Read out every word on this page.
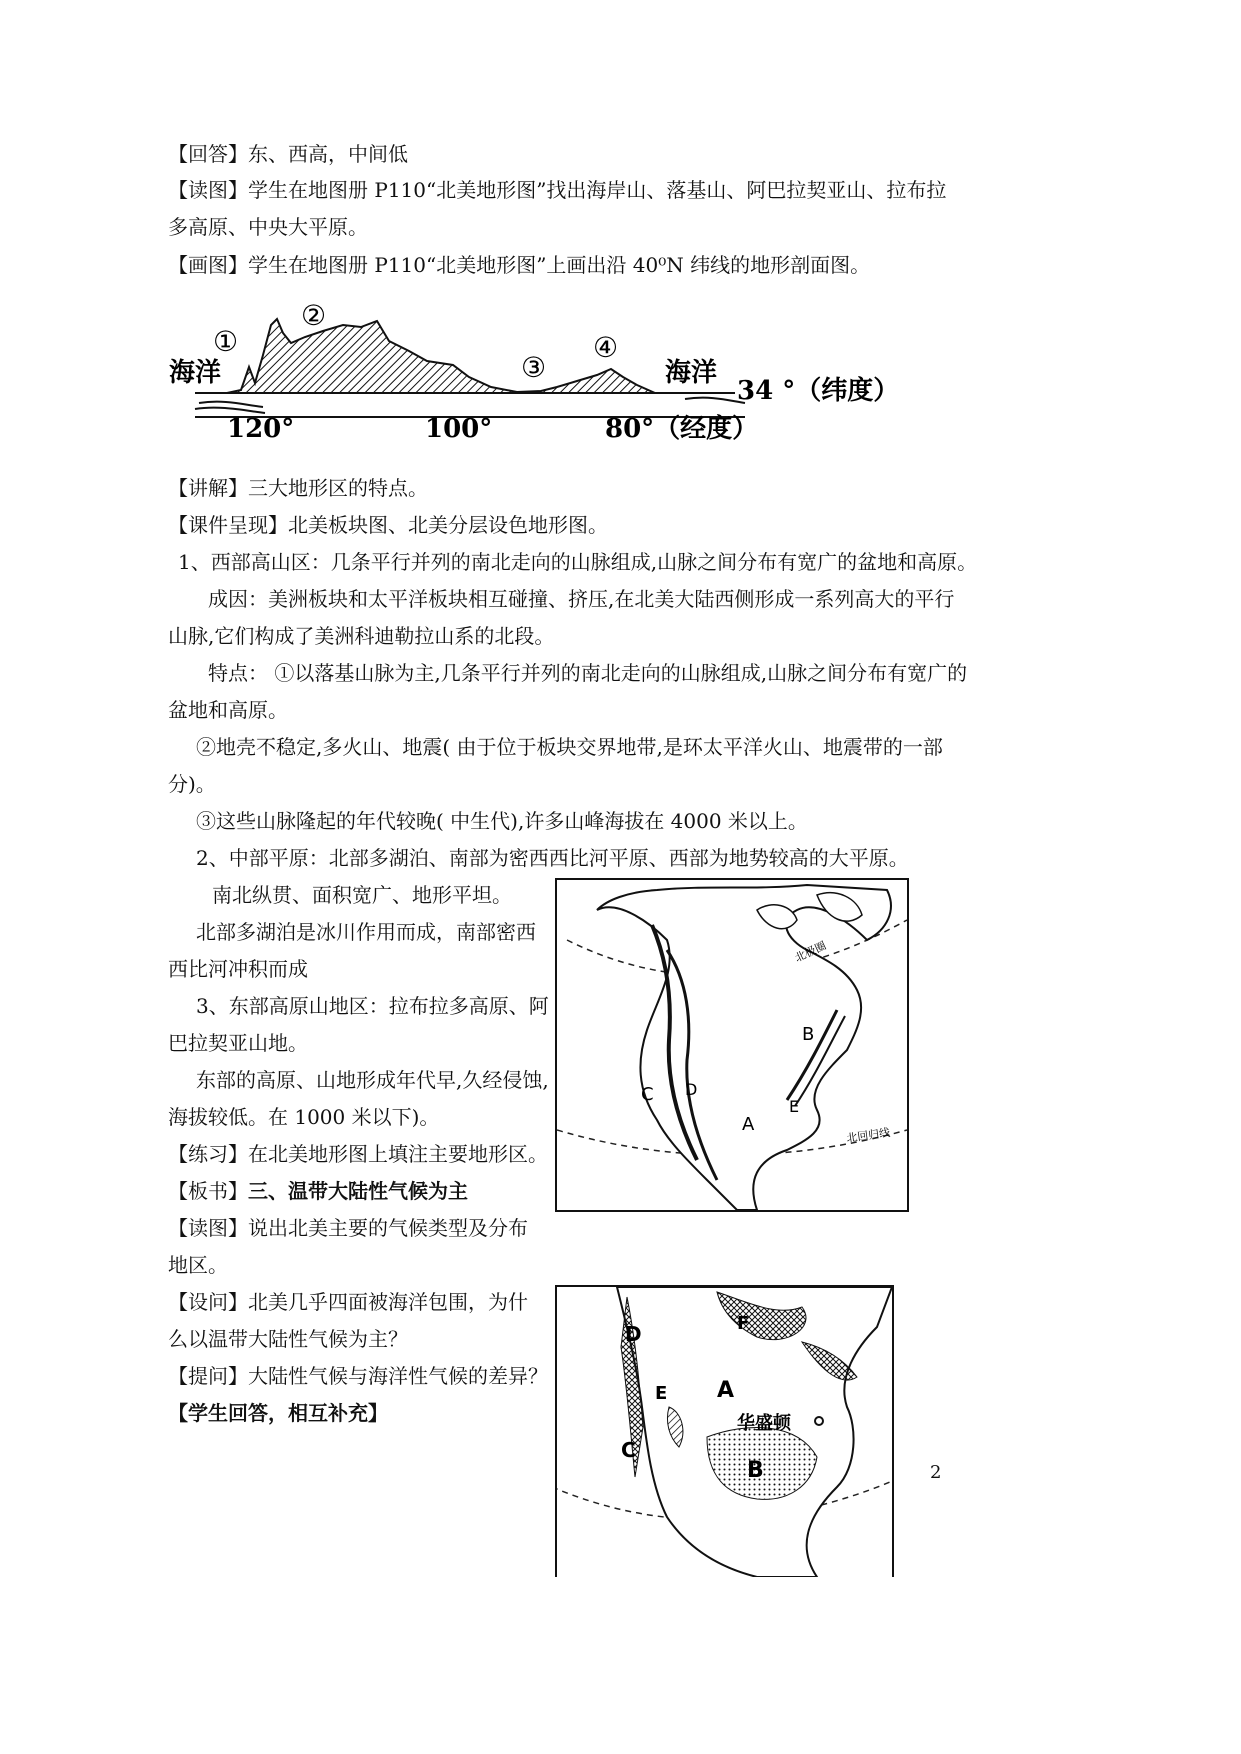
【回答】东、西高，中间低
【读图】学生在地图册 P110“北美地形图”找出海岸山、落基山、阿巴拉契亚山、拉布拉
多高原、中央大平原。
【画图】学生在地图册 P110“北美地形图”上画出沿 40⁰N 纬线的地形剖面图。
海洋	海洋
34 °（纬度）
①
②
③
④
120°	100°	80°（经度）
【讲解】三大地形区的特点。
【课件呈现】北美板块图、北美分层设色地形图。
1、西部高山区：几条平行并列的南北走向的山脉组成,山脉之间分布有宽广的盆地和高原。
成因：美洲板块和太平洋板块相互碰撞、挤压,在北美大陆西侧形成一系列高大的平行
山脉,它们构成了美洲科迪勒拉山系的北段。
特点： ①以落基山脉为主,几条平行并列的南北走向的山脉组成,山脉之间分布有宽广的
盆地和高原。
②地壳不稳定,多火山、地震( 由于位于板块交界地带,是环太平洋火山、地震带的一部
分)。
③这些山脉隆起的年代较晚( 中生代),许多山峰海拔在 4000 米以上。
2、中部平原：北部多湖泊、南部为密西西比河平原、西部为地势较高的大平原。
南北纵贯、面积宽广、地形平坦。
北部多湖泊是冰川作用而成，南部密西
西比河冲积而成
3、东部高原山地区：拉布拉多高原、阿
巴拉契亚山地。
东部的高原、山地形成年代早,久经侵蚀,
海拔较低。在 1000 米以下)。
【练习】在北美地形图上填注主要地形区。
【板书】三、温带大陆性气候为主
【读图】说出北美主要的气候类型及分布
地区。
【设问】北美几乎四面被海洋包围，为什
么以温带大陆性气候为主？
【提问】大陆性气候与海洋性气候的差异？
【学生回答，相互补充】
A
B
C D
E
北极圈
北回归线
A
B
C
D
E
F
华盛顿
2
